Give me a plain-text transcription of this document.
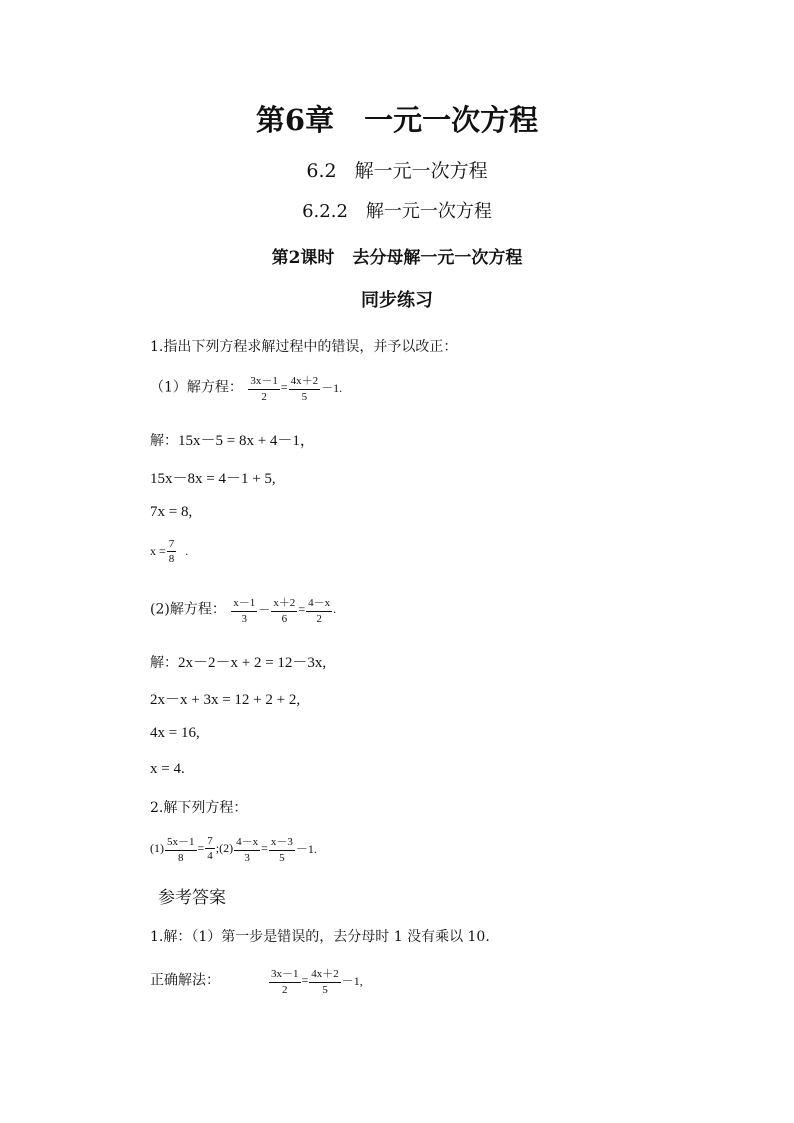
第6章 一元一次方程
6.2 解一元一次方程
6.2.2 解一元一次方程
第2课时 去分母解一元一次方程
同步练习
1.指出下列方程求解过程中的错误，并予以改正：
（1）解方程： $\frac{3x-1}{2} = \frac{4x+2}{5} -1$.
解：15x－5 = 8x + 4－1，
15x－8x = 4－1 + 5,
7x = 8,
$x = \frac{7}{8}$ .
(2)解方程： $\frac{x-1}{3} - \frac{x+2}{6} = \frac{4-x}{2}$ .
解：2x－2－x + 2 = 12－3x,
2x－x + 3x = 12 + 2 + 2,
4x = 16,
x = 4.
2.解下列方程：
$(1) \frac{5x-1}{8} = \frac{7}{4}$ ;(2) $\frac{4-x}{3} = \frac{x-3}{5} -1$.
参考答案
1.解：（1）第一步是错误的，去分母时 1 没有乘以 10.
正确解法：	$\frac{3x-1}{2} = \frac{4x+2}{5} -1$,
